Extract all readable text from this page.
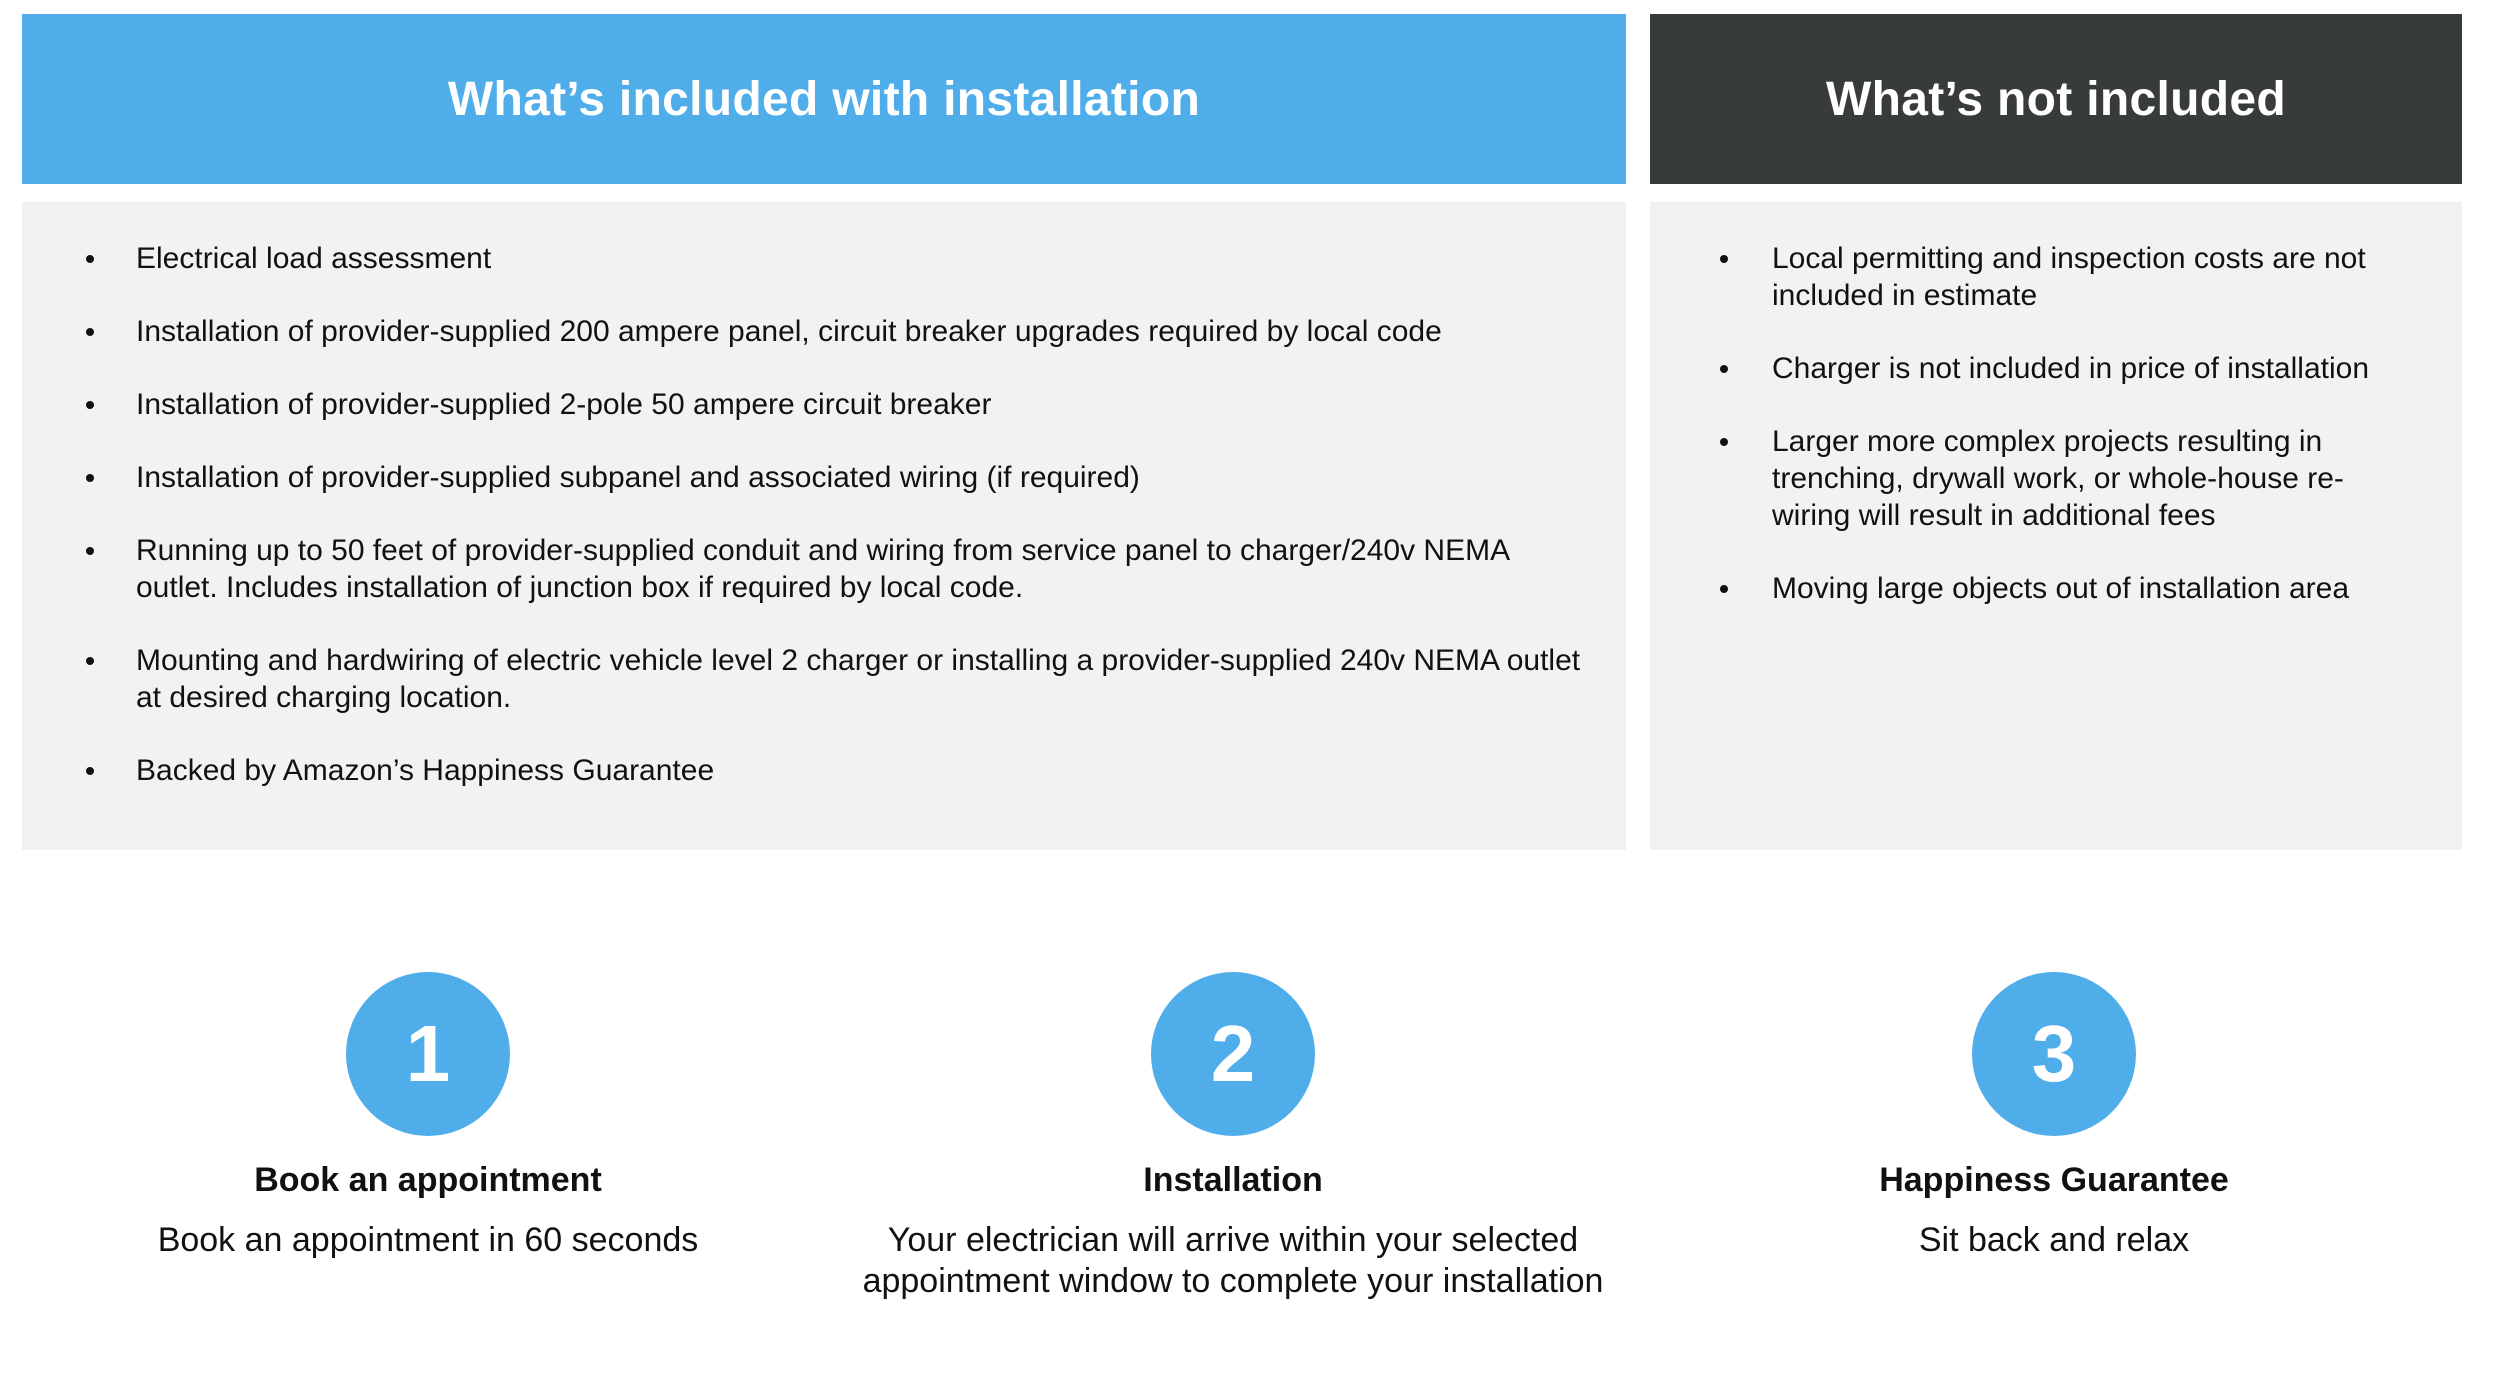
What’s included with installation	What’s not included
Electrical load assessment
Installation of provider-supplied 200 ampere panel, circuit breaker upgrades required by local code
Installation of provider-supplied 2-pole 50 ampere circuit breaker
Installation of provider-supplied subpanel and associated wiring (if required)
Running up to 50 feet of provider-supplied conduit and wiring from service panel to charger/240v NEMA outlet. Includes installation of junction box if required by local code.
Mounting and hardwiring of electric vehicle level 2 charger or installing a provider-supplied 240v NEMA outlet at desired charging location.
Backed by Amazon’s Happiness Guarantee
Local permitting and inspection costs are not included in estimate
Charger is not included in price of installation
Larger more complex projects resulting in trenching, drywall work, or whole-house re-wiring will result in additional fees
Moving large objects out of installation area
1
Book an appointment
Book an appointment in 60 seconds
2
Installation
Your electrician will arrive within your selected appointment window to complete your installation
3
Happiness Guarantee
Sit back and relax
